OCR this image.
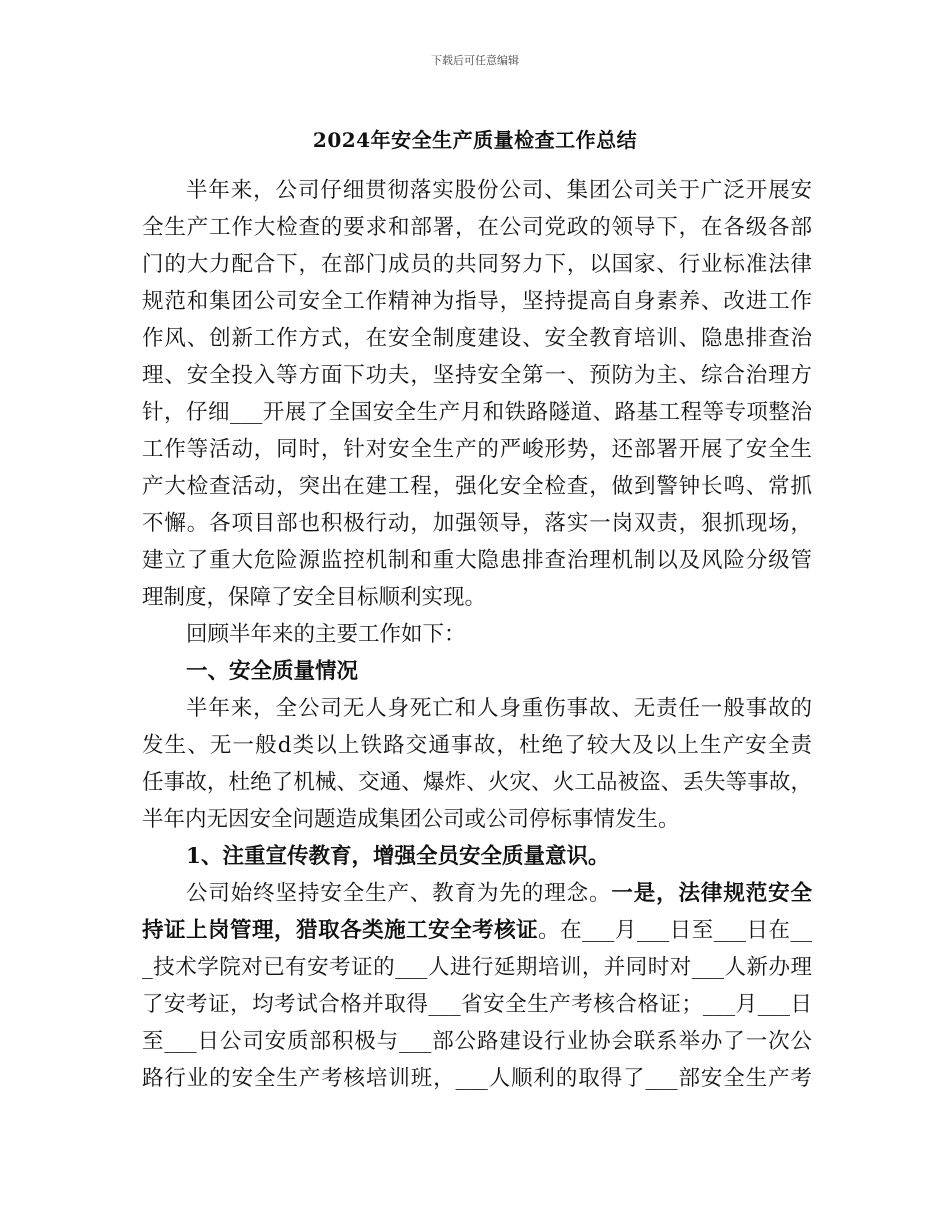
下载后可任意编辑
2024年安全生产质量检查工作总结
半年来，公司仔细贯彻落实股份公司、集团公司关于广泛开展安
全生产工作大检查的要求和部署，在公司党政的领导下，在各级各部
门的大力配合下，在部门成员的共同努力下，以国家、行业标准法律
规范和集团公司安全工作精神为指导，坚持提高自身素养、改进工作
作风、创新工作方式，在安全制度建设、安全教育培训、隐患排查治
理、安全投入等方面下功夫，坚持安全第一、预防为主、综合治理方
针，仔细___开展了全国安全生产月和铁路隧道、路基工程等专项整治
工作等活动，同时，针对安全生产的严峻形势，还部署开展了安全生
产大检查活动，突出在建工程，强化安全检查，做到警钟长鸣、常抓
不懈。各项目部也积极行动，加强领导，落实一岗双责，狠抓现场，
建立了重大危险源监控机制和重大隐患排查治理机制以及风险分级管
理制度，保障了安全目标顺利实现。
回顾半年来的主要工作如下：
一、安全质量情况
半年来，全公司无人身死亡和人身重伤事故、无责任一般事故的
发生、无一般d类以上铁路交通事故，杜绝了较大及以上生产安全责
任事故，杜绝了机械、交通、爆炸、火灾、火工品被盗、丢失等事故，
半年内无因安全问题造成集团公司或公司停标事情发生。
1、注重宣传教育，增强全员安全质量意识。
公司始终坚持安全生产、教育为先的理念。一是，法律规范安全
持证上岗管理，猎取各类施工安全考核证。在___月___日至___日在__
_技术学院对已有安考证的___人进行延期培训，并同时对___人新办理
了安考证，均考试合格并取得___省安全生产考核合格证；___月___日
至___日公司安质部积极与___部公路建设行业协会联系举办了一次公
路行业的安全生产考核培训班，___人顺利的取得了___部安全生产考
